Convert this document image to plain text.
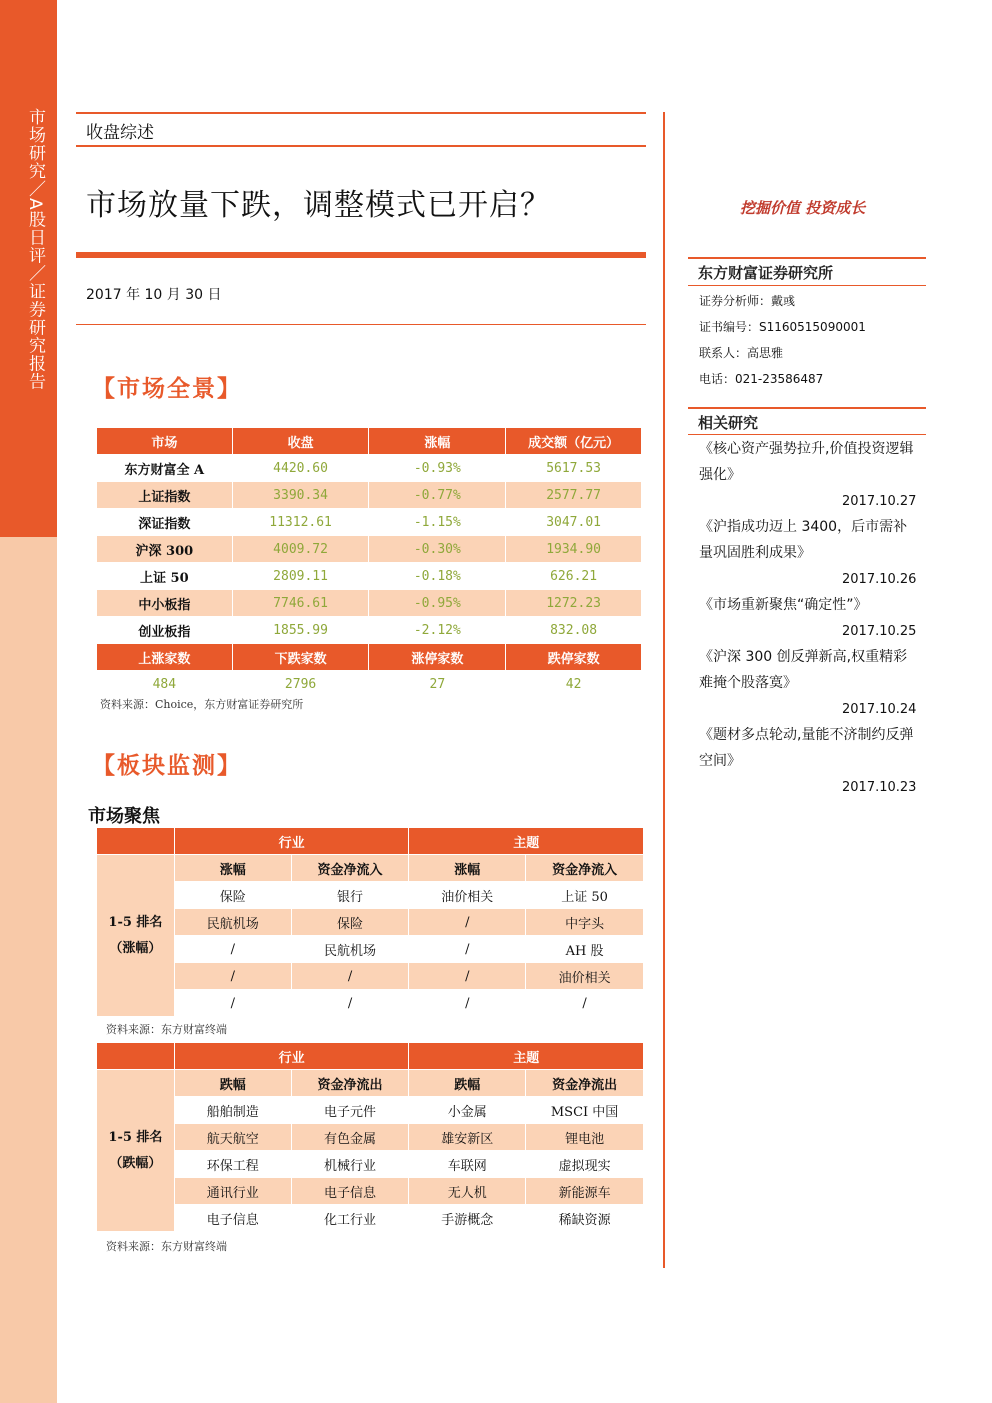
市场研究／A股日评／证券研究报告 收盘综述
市场放量下跌，调整模式已开启？
2017 年 10 月 30 日
挖掘价值 投资成长
【市场全景】
市场	收盘	涨幅	成交额（亿元）
东方财富全 A	4420.60	-0.93%	5617.53
上证指数	3390.34	-0.77%	2577.77
深证指数	11312.61	-1.15%	3047.01
沪深 300	4009.72	-0.30%	1934.90
上证 50	2809.11	-0.18%	626.21
中小板指	7746.61	-0.95%	1272.23
创业板指	1855.99	-2.12%	832.08
上涨家数	下跌家数	涨停家数	跌停家数
484	2796	27	42
资料来源：Choice，东方财富证券研究所
【板块监测】
市场聚焦
	行业		主题	
1-5 排名
（涨幅）	涨幅	资金净流入	涨幅	资金净流入
	保险	银行	油价相关	上证 50
	民航机场	保险	/	中字头
	/	民航机场	/	AH 股
	/	/	/	油价相关
	/	/	/	/
资料来源：东方财富终端
	行业		主题	
1-5 排名
（跌幅）	跌幅	资金净流出	跌幅	资金净流出
	船舶制造	电子元件	小金属	MSCI 中国
	航天航空	有色金属	雄安新区	锂电池
	环保工程	机械行业	车联网	虚拟现实
	通讯行业	电子信息	无人机	新能源车
	电子信息	化工行业	手游概念	稀缺资源
资料来源：东方财富终端
东方财富证券研究所
证券分析师：戴彧
证书编号：S1160515090001
联系人：高思雅
电话：021-23586487
相关研究
《核心资产强势拉升,价值投资逻辑强化》
2017.10.27
《沪指成功迈上 3400，后市需补量巩固胜利成果》
2017.10.26
《市场重新聚焦“确定性”》
2017.10.25
《沪深 300 创反弹新高,权重精彩难掩个股落寞》
2017.10.24
《题材多点轮动,量能不济制约反弹空间》
2017.10.23
